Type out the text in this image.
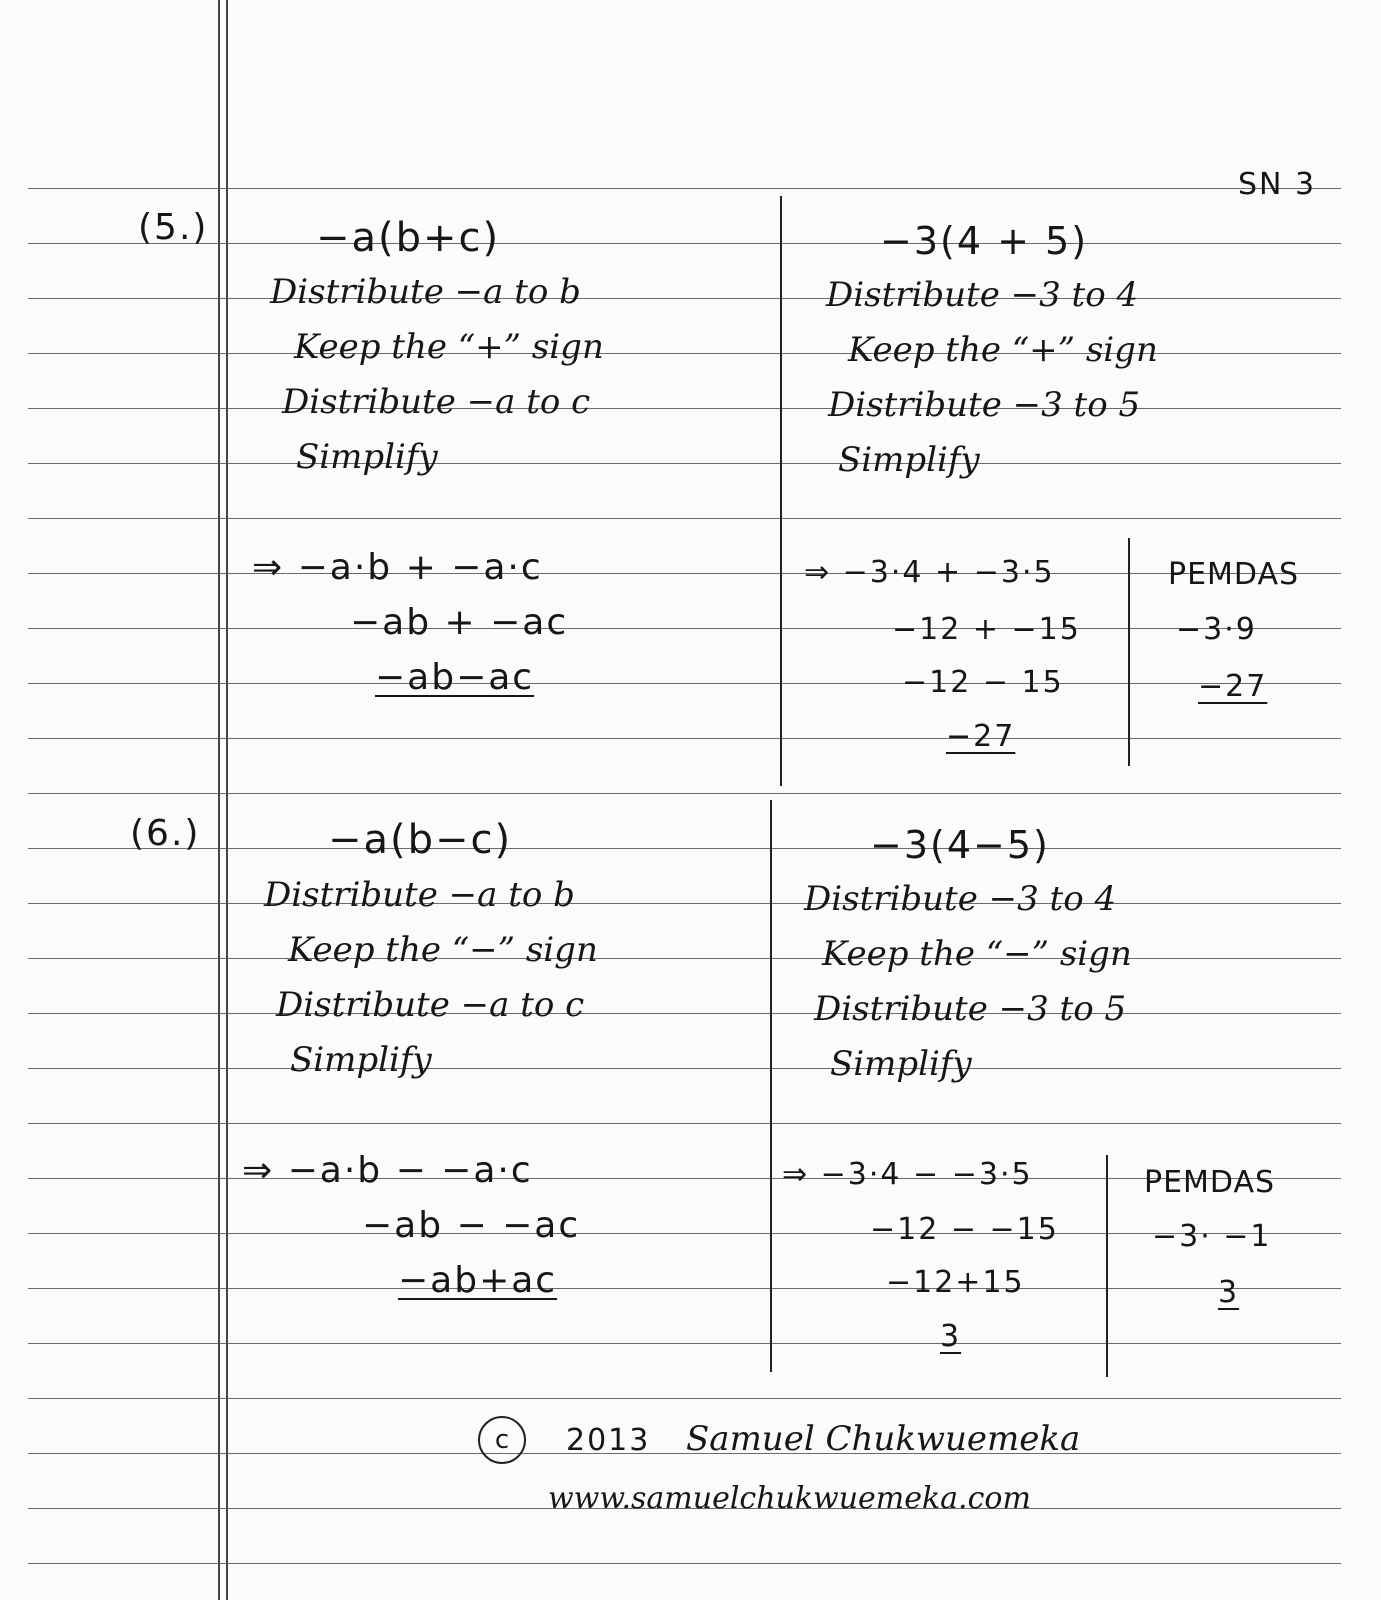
SN 3
(5.)	−a(b+c)
Distribute −a to b
Keep the “+” sign
Distribute −a to c
Simplify
⇒ −a·b + −a·c
−ab + −ac
−ab−ac
−3(4 + 5)
Distribute −3 to 4
Keep the “+” sign
Distribute −3 to 5
Simplify
⇒ −3·4 + −3·5
−12 + −15
−12 − 15
−27
PEMDAS
−3·9
−27
(6.)	−a(b−c)
Distribute −a to b
Keep the “−” sign
Distribute −a to c
Simplify
⇒ −a·b − −a·c
−ab − −ac
−ab+ac
−3(4−5)
Distribute −3 to 4
Keep the “−” sign
Distribute −3 to 5
Simplify
⇒ −3·4 − −3·5
−12 − −15
−12+15
3
PEMDAS
−3· −1
3
c	2013 Samuel Chukwuemeka
www.samuelchukwuemeka.com
